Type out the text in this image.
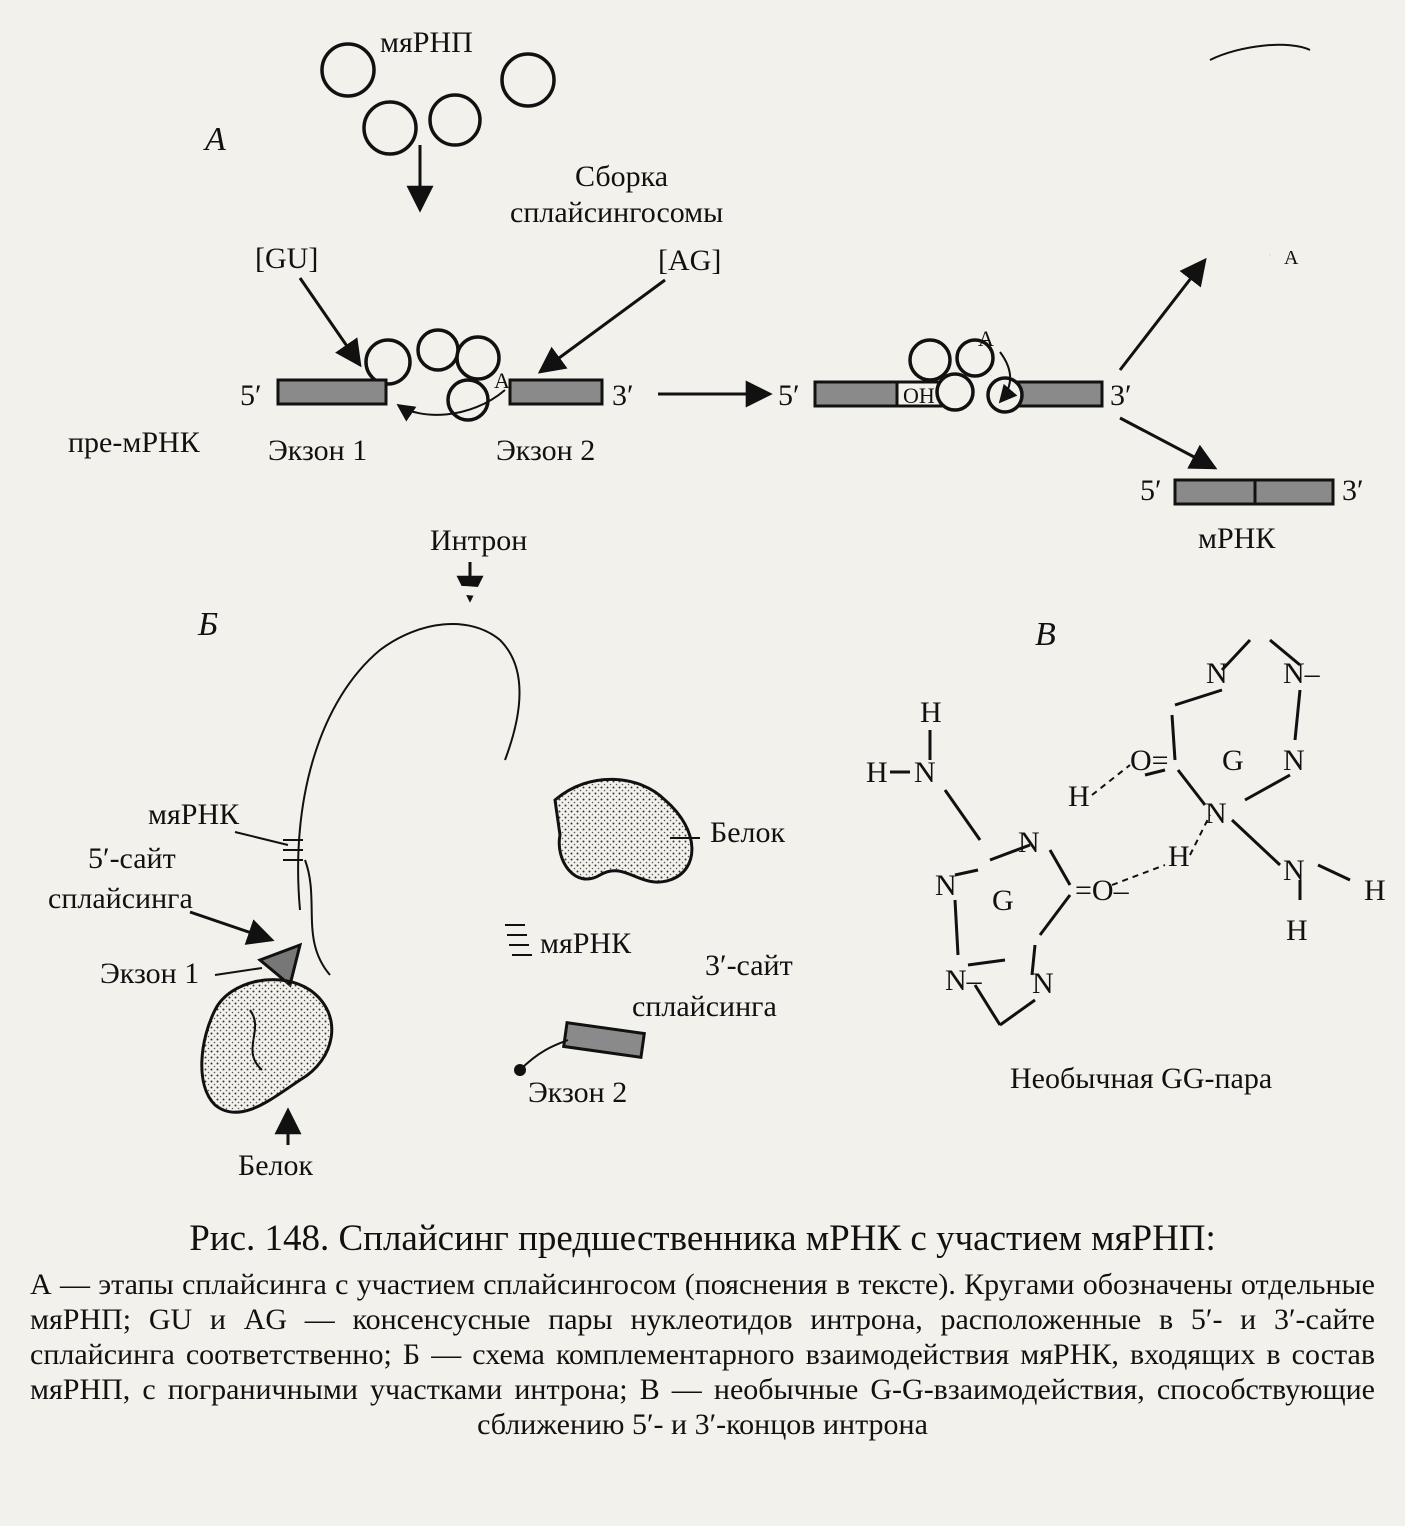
А
мяРНП
Сборка
сплайсингосомы
[GU]	[AG]
A
5′	3′
пре-мРНК Экзон 1	Экзон 2
5′	OH	3′
A
A
5′	3′
мРНК
Б
Интрон
мяРНК
5′-сайт
сплайсинга
Экзон 1
Белок
Белок
мяРНК
3′-сайт
сплайсинга
Экзон 2
В
N N–
G N
O=
N
N
H
H
H
H N
H
N	H
=O–
N G
N– N
Необычная GG-пара

Рис. 148. Сплайсинг предшественника мРНК с участием мяРНП:

А — этапы сплайсинга с участием сплайсингосом (пояснения в тексте). Кругами обозначены отдельные мяРНП; GU и AG — консенсусные пары нуклеотидов интрона, расположенные в 5′- и 3′-сайте сплайсинга соответственно; Б — схема комплементарного взаимодействия мяРНК, входящих в состав мяРНП, с пограничными участками интрона; В — необычные G-G-взаимодействия, способствующие сближению 5′- и 3′-концов интрона
